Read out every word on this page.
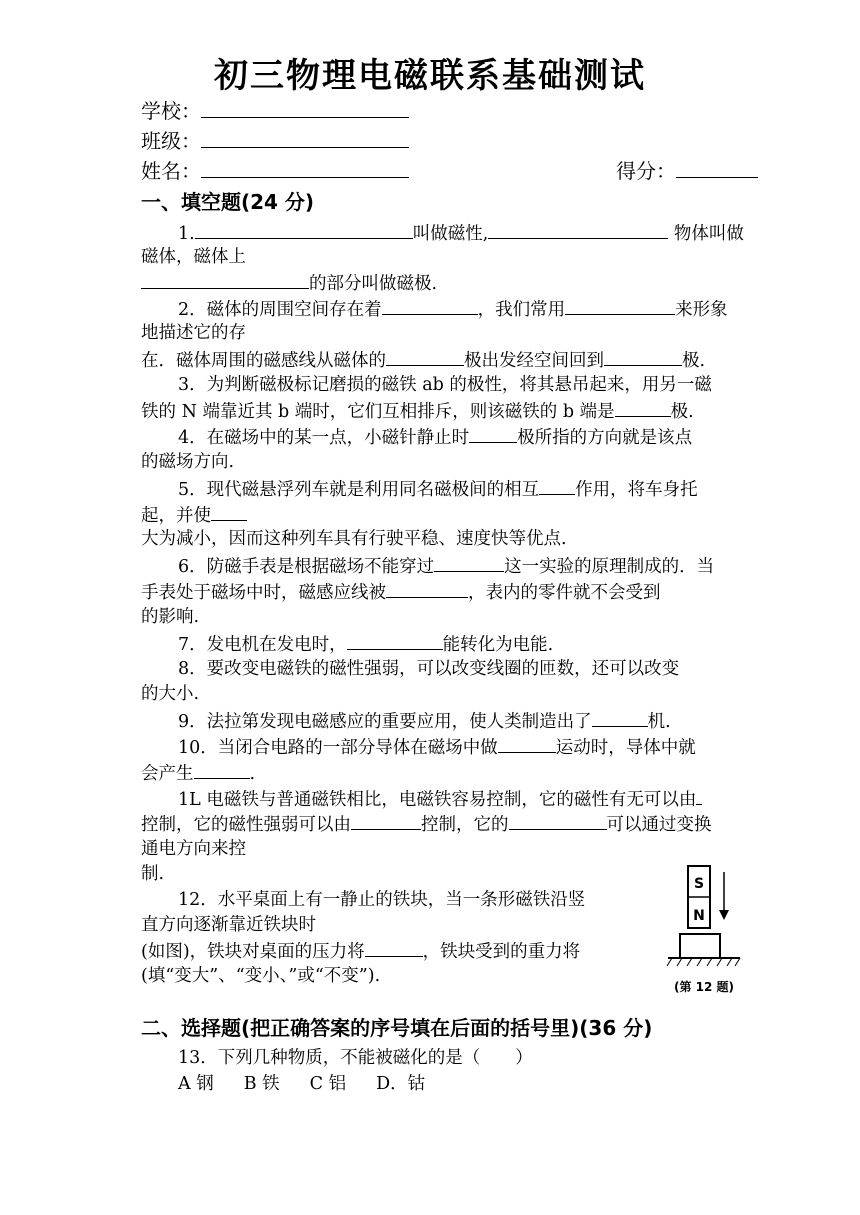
初三物理电磁联系基础测试
学校：
班级：
姓名：	得分：
一、填空题(24 分)
1.	叫做磁性,	物体叫做
磁体，磁体上
的部分叫做磁极.
2．磁体的周围空间存在着	，我们常用	来形象
地描述它的存
在．磁体周围的磁感线从磁体的	极出发经空间回到	极.
3．为判断磁极标记磨损的磁铁 ab 的极性，将其悬吊起来，用另一磁
铁的 N 端靠近其 b 端时，它们互相排斥，则该磁铁的 b 端是	极.
4．在磁场中的某一点，小磁针静止时	极所指的方向就是该点
的磁场方向.
5．现代磁悬浮列车就是利用同名磁极间的相互 作用，将车身托
起，并使
大为减小，因而这种列车具有行驶平稳、速度快等优点.
6．防磁手表是根据磁场不能穿过	这一实验的原理制成的．当
手表处于磁场中时，磁感应线被	，表内的零件就不会受到
的影响.
7．发电机在发电时，	能转化为电能.
8．要改变电磁铁的磁性强弱，可以改变线圈的匝数，还可以改变
的大小.
9．法拉第发现电磁感应的重要应用，使人类制造出了	机.
10．当闭合电路的一部分导体在磁场中做	运动时，导体中就
会产生	.
1L 电磁铁与普通磁铁相比，电磁铁容易控制，它的磁性有无可以由
控制，它的磁性强弱可以由	控制，它的	可以通过变换
通电方向来控
制.
12．水平桌面上有一静止的铁块，当一条形磁铁沿竖
直方向逐渐靠近铁块时
(如图)，铁块对桌面的压力将	，铁块受到的重力将
(填“变大”、“变小、”或“不变”).
S
N
(第 12 题)
二、选择题(把正确答案的序号填在后面的括号里)(36 分)
13．下列几种物质，不能被磁化的是（　　）
A 钢 B 铁 C 铝 D．钴
